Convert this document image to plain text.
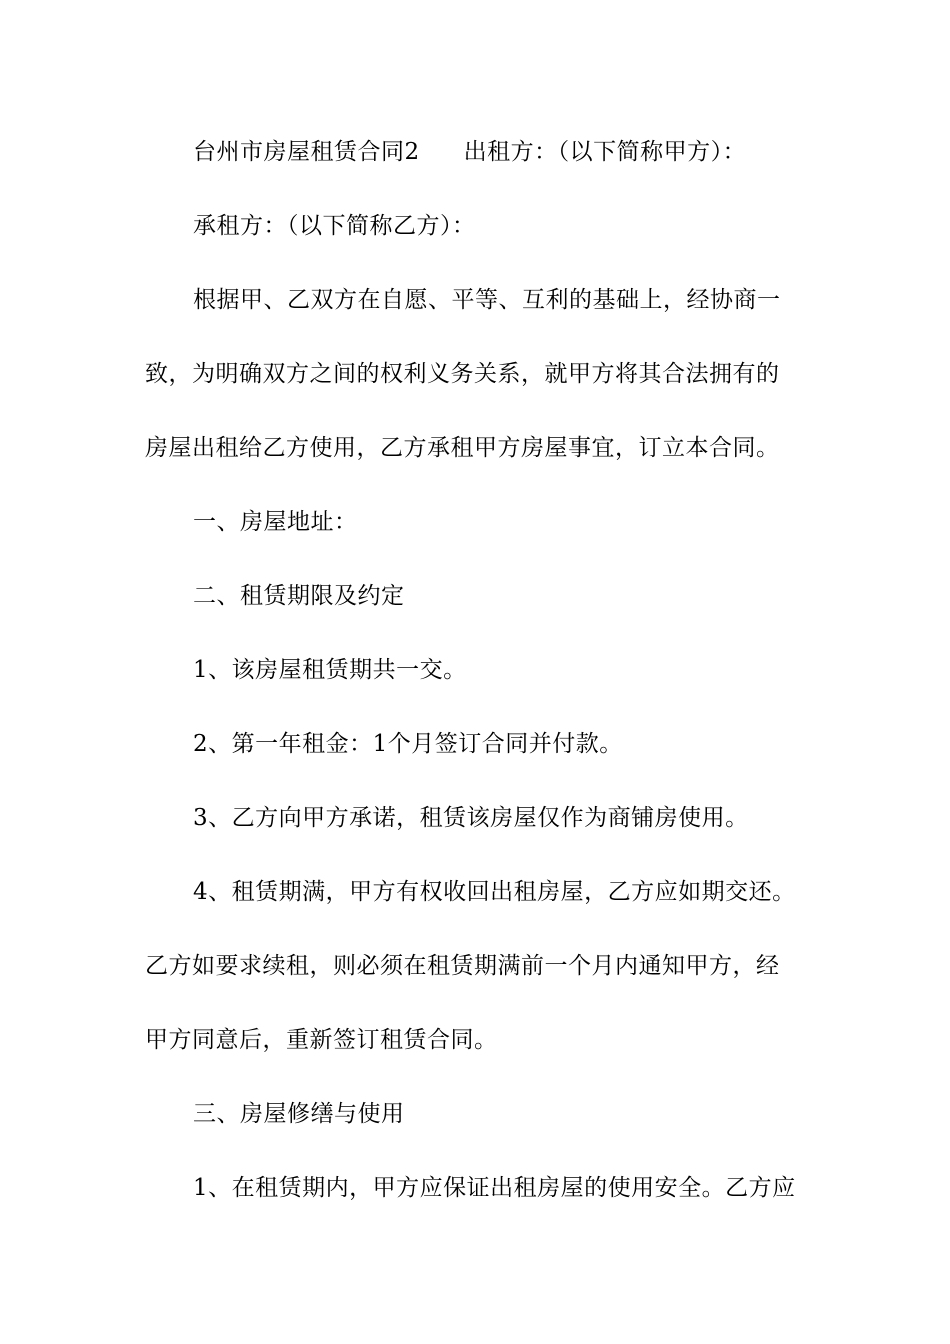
台州市房屋租赁合同2 出租方：（以下简称甲方）：
承租方：（以下简称乙方）：
根据甲、乙双方在自愿、平等、互利的基础上，经协商一
致，为明确双方之间的权利义务关系，就甲方将其合法拥有的
房屋出租给乙方使用，乙方承租甲方房屋事宜，订立本合同。
一、房屋地址：
二、租赁期限及约定
1、该房屋租赁期共一交。
2、第一年租金：1个月签订合同并付款。
3、乙方向甲方承诺，租赁该房屋仅作为商铺房使用。
4、租赁期满，甲方有权收回出租房屋，乙方应如期交还。
乙方如要求续租，则必须在租赁期满前一个月内通知甲方，经
甲方同意后，重新签订租赁合同。
三、房屋修缮与使用
1、在租赁期内，甲方应保证出租房屋的使用安全。乙方应
